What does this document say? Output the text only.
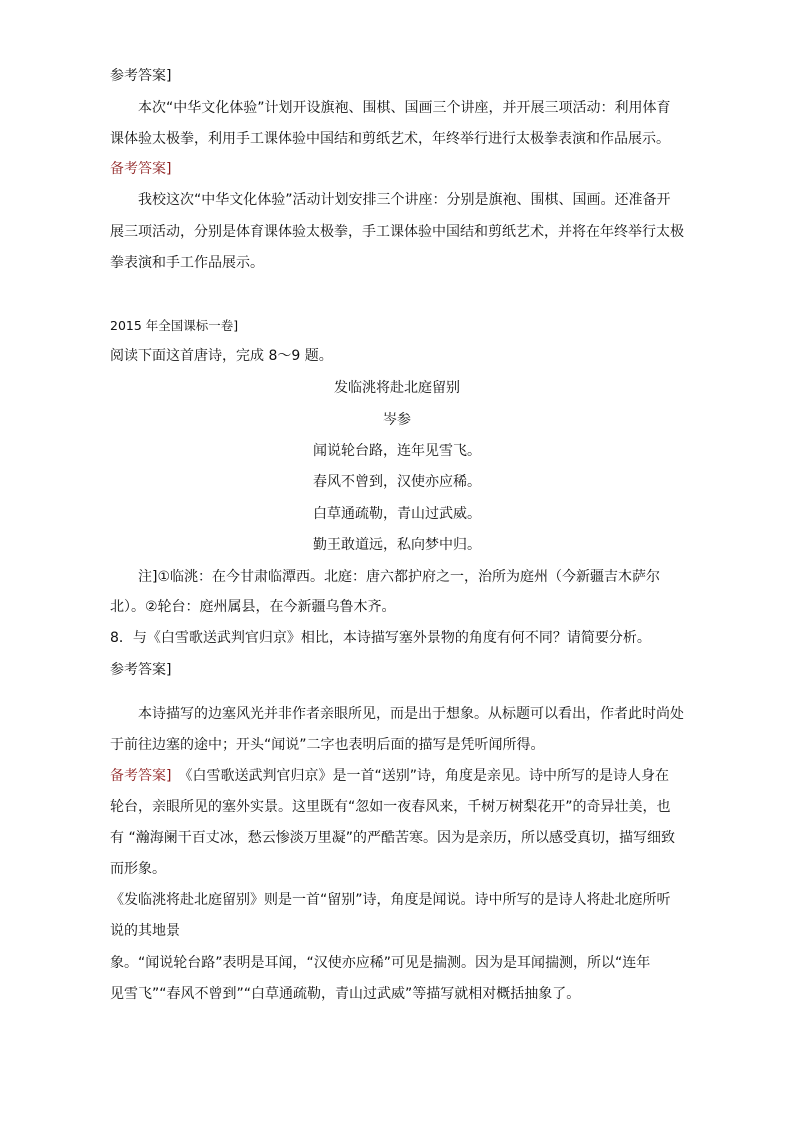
参考答案]
本次“中华文化体验”计划开设旗袍、围棋、国画三个讲座，并开展三项活动：利用体育
课体验太极拳，利用手工课体验中国结和剪纸艺术，年终举行进行太极拳表演和作品展示。
备考答案]
我校这次“中华文化体验”活动计划安排三个讲座：分别是旗袍、围棋、国画。还准备开
展三项活动，分别是体育课体验太极拳，手工课体验中国结和剪纸艺术，并将在年终举行太极
拳表演和手工作品展示。
2015 年全国课标一卷]
阅读下面这首唐诗，完成 8～9 题。
发临洮将赴北庭留别
岑参
闻说轮台路，连年见雪飞。
春风不曾到，汉使亦应稀。
白草通疏勒，青山过武威。
勤王敢道远，私向梦中归。
注]①临洮：在今甘肃临潭西。北庭：唐六都护府之一，治所为庭州（今新疆吉木萨尔
北）。②轮台：庭州属县，在今新疆乌鲁木齐。
8．与《白雪歌送武判官归京》相比，本诗描写塞外景物的角度有何不同？请简要分析。
参考答案]
本诗描写的边塞风光并非作者亲眼所见，而是出于想象。从标题可以看出，作者此时尚处
于前往边塞的途中；开头“闻说”二字也表明后面的描写是凭听闻所得。
备考答案]　 《白雪歌送武判官归京》是一首“送别”诗，角度是亲见。诗中所写的是诗人身在
轮台，亲眼所见的塞外实景。这里既有“忽如一夜春风来，千树万树梨花开”的奇异壮美，也
有 “瀚海阑干百丈冰，愁云惨淡万里凝”的严酷苦寒。因为是亲历，所以感受真切，描写细致
而形象。
《发临洮将赴北庭留别》则是一首“留别”诗，角度是闻说。诗中所写的是诗人将赴北庭所听
说的其地景
象。“闻说轮台路”表明是耳闻，“汉使亦应稀”可见是揣测。因为是耳闻揣测，所以“连年
见雪飞”“春风不曾到”“白草通疏勒，青山过武威”等描写就相对概括抽象了。
